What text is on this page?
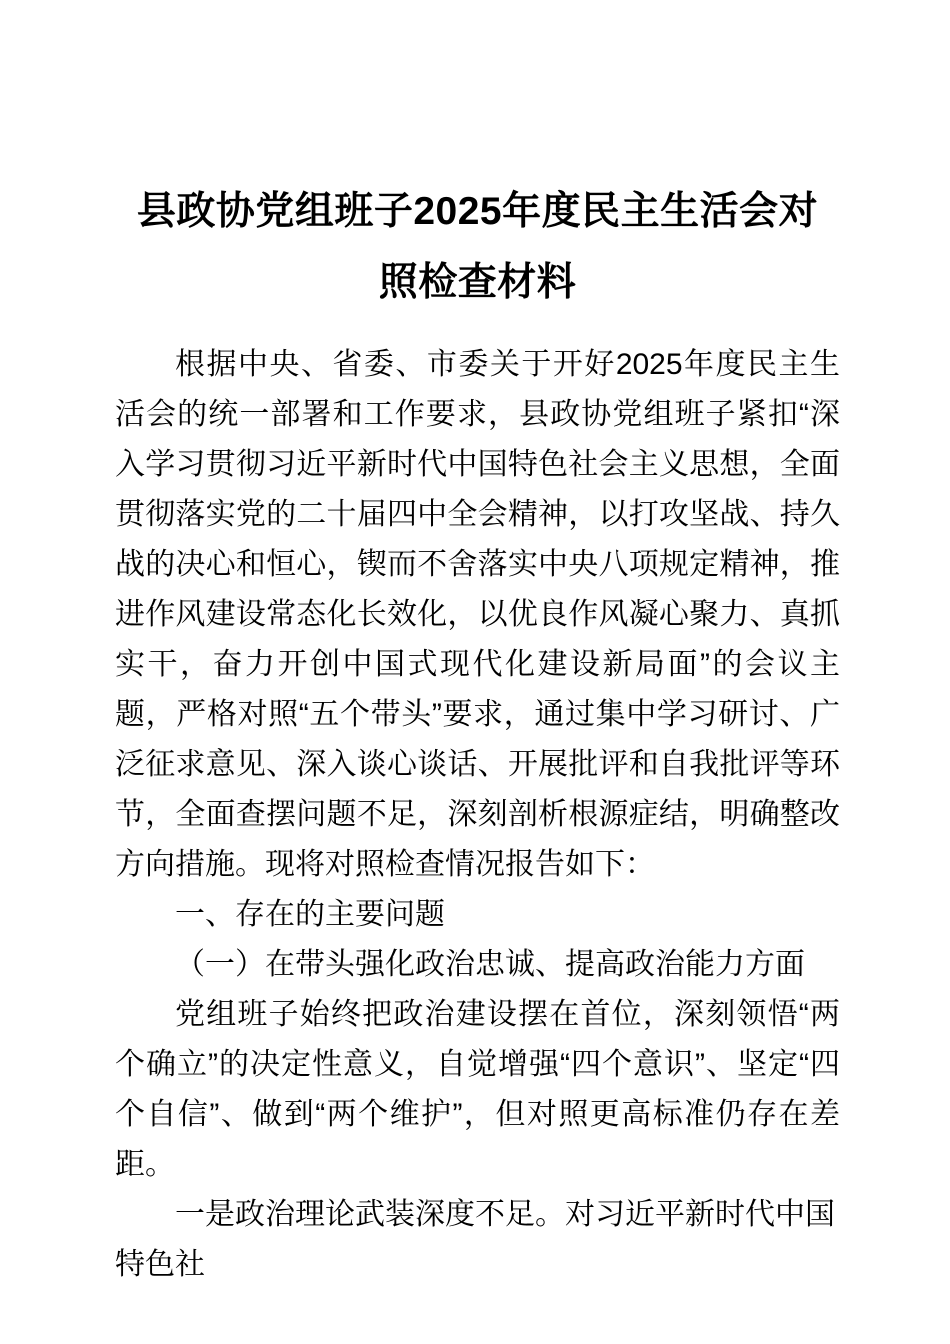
县政协党组班子2025年度民主生活会对照检查材料

根据中央、省委、市委关于开好2025年度民主生活会的统一部署和工作要求，县政协党组班子紧扣“深入学习贯彻习近平新时代中国特色社会主义思想，全面贯彻落实党的二十届四中全会精神，以打攻坚战、持久战的决心和恒心，锲而不舍落实中央八项规定精神，推进作风建设常态化长效化，以优良作风凝心聚力、真抓实干，奋力开创中国式现代化建设新局面”的会议主题，严格对照“五个带头”要求，通过集中学习研讨、广泛征求意见、深入谈心谈话、开展批评和自我批评等环节，全面查摆问题不足，深刻剖析根源症结，明确整改方向措施。现将对照检查情况报告如下：

一、存在的主要问题

（一）在带头强化政治忠诚、提高政治能力方面

党组班子始终把政治建设摆在首位，深刻领悟“两个确立”的决定性意义，自觉增强“四个意识”、坚定“四个自信”、做到“两个维护”，但对照更高标准仍存在差距。

一是政治理论武装深度不足。对习近平新时代中国特色社
